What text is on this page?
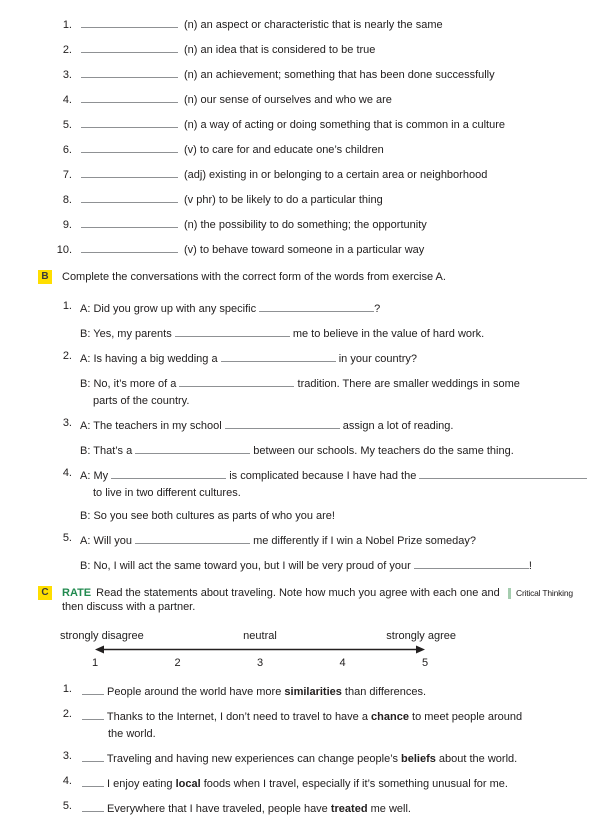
1.	(n) an aspect or characteristic that is nearly the same
2.	(n) an idea that is considered to be true
3.	(n) an achievement; something that has been done successfully
4.	(n) our sense of ourselves and who we are
5.	(n) a way of acting or doing something that is common in a culture
6.	(v) to care for and educate one’s children
7.	(adj) existing in or belonging to a certain area or neighborhood
8.	(v phr) to be likely to do a particular thing
9.	(n) the possibility to do something; the opportunity
10.	(v) to behave toward someone in a particular way
B	Complete the conversations with the correct form of the words from exercise A.
1. A: Did you grow up with any specific	?
B: Yes, my parents	me to believe in the value of hard work.
2. A: Is having a big wedding a	in your country?
B: No, it’s more of a	tradition. There are smaller weddings in some
parts of the country.
3. A: The teachers in my school	assign a lot of reading.
B: That’s a	between our schools. My teachers do the same thing.
4. A: My	is complicated because I have had the
to live in two different cultures.
B: So you see both cultures as parts of who you are!
5. A: Will you	me differently if I win a Nobel Prize someday?
B: No, I will act the same toward you, but I will be very proud of your	!
C	RATE Read the statements about traveling. Note how much you agree with each one and then discuss with a partner.
Critical Thinking
strongly disagree	neutral	strongly agree
1	2	3	4	5
1.	People around the world have more similarities than differences.
2.	Thanks to the Internet, I don’t need to travel to have a chance to meet people around
the world.
3.	Traveling and having new experiences can change people’s beliefs about the world.
4.	I enjoy eating local foods when I travel, especially if it’s something unusual for me.
5.	Everywhere that I have traveled, people have treated me well.
